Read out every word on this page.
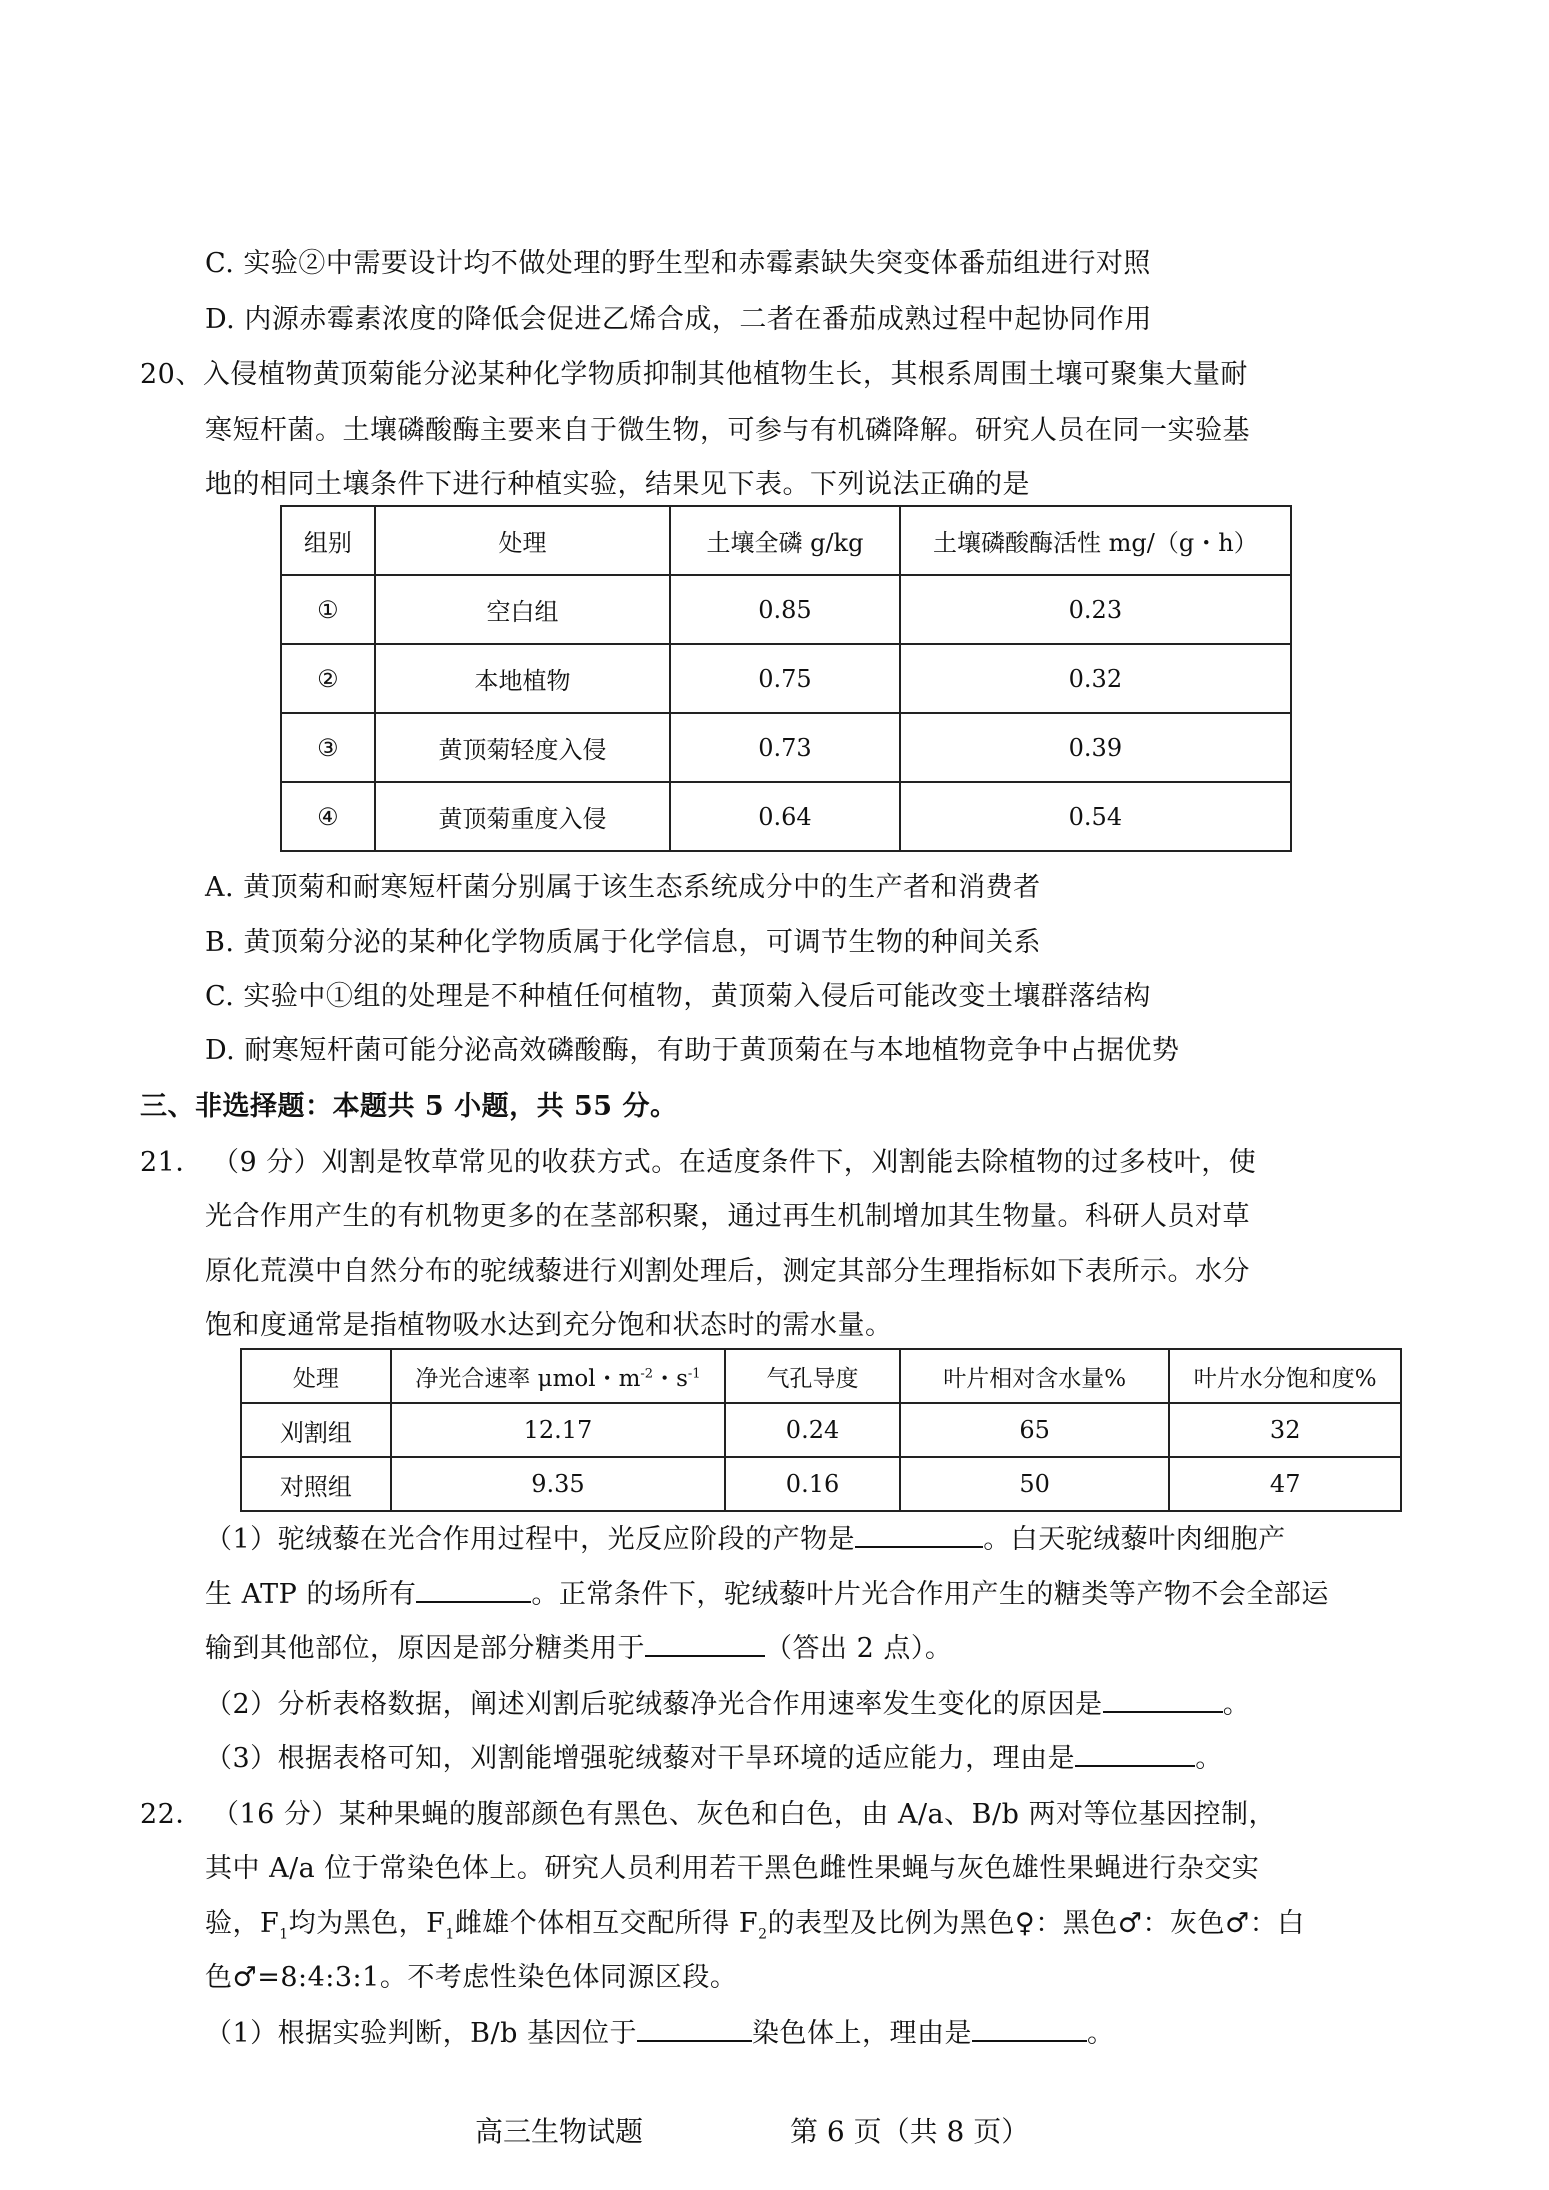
C. 实验②中需要设计均不做处理的野生型和赤霉素缺失突变体番茄组进行对照
D. 内源赤霉素浓度的降低会促进乙烯合成，二者在番茄成熟过程中起协同作用
20、入侵植物黄顶菊能分泌某种化学物质抑制其他植物生长，其根系周围土壤可聚集大量耐
寒短杆菌。土壤磷酸酶主要来自于微生物，可参与有机磷降解。研究人员在同一实验基
地的相同土壤条件下进行种植实验，结果见下表。下列说法正确的是
组别	处理	土壤全磷 g/kg	土壤磷酸酶活性 mg/（g・h）
①	空白组	0.85	0.23
②	本地植物	0.75	0.32
③	黄顶菊轻度入侵	0.73	0.39
④	黄顶菊重度入侵	0.64	0.54
A. 黄顶菊和耐寒短杆菌分别属于该生态系统成分中的生产者和消费者
B. 黄顶菊分泌的某种化学物质属于化学信息，可调节生物的种间关系
C. 实验中①组的处理是不种植任何植物，黄顶菊入侵后可能改变土壤群落结构
D. 耐寒短杆菌可能分泌高效磷酸酶，有助于黄顶菊在与本地植物竞争中占据优势
三、非选择题：本题共 5 小题，共 55 分。
21． （9 分）刈割是牧草常见的收获方式。在适度条件下，刈割能去除植物的过多枝叶，使
光合作用产生的有机物更多的在茎部积聚，通过再生机制增加其生物量。科研人员对草
原化荒漠中自然分布的驼绒藜进行刈割处理后，测定其部分生理指标如下表所示。水分
饱和度通常是指植物吸水达到充分饱和状态时的需水量。
处理	净光合速率 μmol・$m^{-2}$・$s^{-1}$	气孔导度	叶片相对含水量%	叶片水分饱和度%
刈割组	12.17	0.24	65	32
对照组	9.35	0.16	50	47
（1）驼绒藜在光合作用过程中，光反应阶段的产物是	。白天驼绒藜叶肉细胞产
生 ATP 的场所有	。正常条件下，驼绒藜叶片光合作用产生的糖类等产物不会全部运
输到其他部位，原因是部分糖类用于	（答出 2 点）。
（2）分析表格数据，阐述刈割后驼绒藜净光合作用速率发生变化的原因是	。
（3）根据表格可知，刈割能增强驼绒藜对干旱环境的适应能力，理由是	。
22． （16 分）某种果蝇的腹部颜色有黑色、灰色和白色，由 A/a、B/b 两对等位基因控制，
其中 A/a 位于常染色体上。研究人员利用若干黑色雌性果蝇与灰色雄性果蝇进行杂交实
验，$F_1$均为黑色，$F_1$雌雄个体相互交配所得 $F_2$的表型及比例为黑色♀：黑色♂：灰色♂：白
色♂=8:4:3:1。不考虑性染色体同源区段。
（1）根据实验判断，B/b 基因位于	染色体上，理由是	。
高三生物试题	第 6 页（共 8 页）
